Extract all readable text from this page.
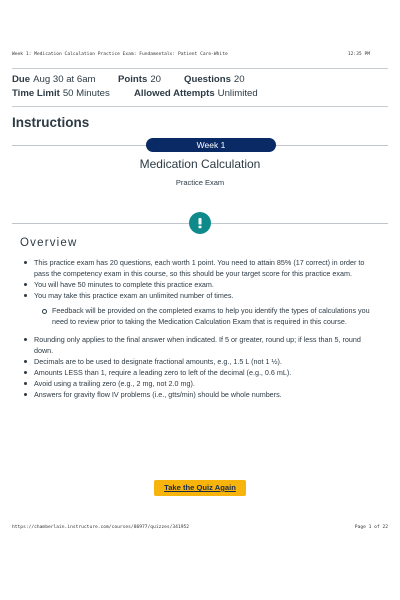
Week 1: Medication Calculation Practice Exam: Fundamentals: Patient Care-White	12:35 PM
Due Aug 30 at 6am	Points 20	Questions 20
Time Limit 50 Minutes	Allowed Attempts Unlimited
Instructions
Week 1
Medication Calculation
Practice Exam
Overview
This practice exam has 20 questions, each worth 1 point. You need to attain 85% (17 correct) in order to pass the competency exam in this course, so this should be your target score for this practice exam.
You will have 50 minutes to complete this practice exam.
You may take this practice exam an unlimited number of times.
Feedback will be provided on the completed exams to help you identify the types of calculations you need to review prior to taking the Medication Calculation Exam that is required in this course.
Rounding only applies to the final answer when indicated. If 5 or greater, round up; if less than 5, round down.
Decimals are to be used to designate fractional amounts, e.g., 1.5 L (not 1 ½).
Amounts LESS than 1, require a leading zero to left of the decimal (e.g., 0.6 mL).
Avoid using a trailing zero (e.g., 2 mg, not 2.0 mg).
Answers for gravity flow IV problems (i.e., gtts/min) should be whole numbers.
Take the Quiz Again
https://chamberlain.instructure.com/courses/86977/quizzes/341952	Page 1 of 22
